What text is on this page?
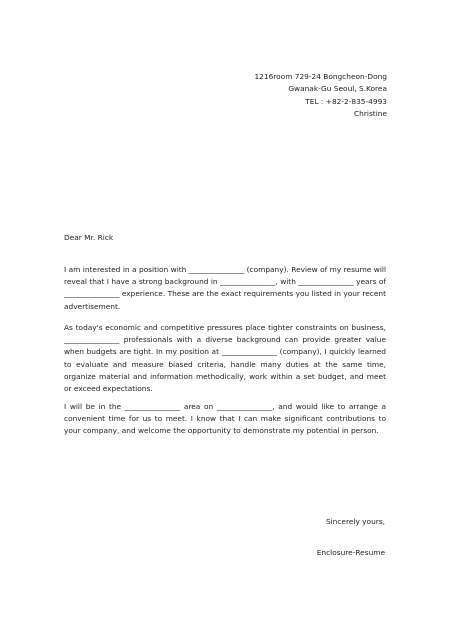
1216room 729-24 Bongcheon-Dong
Gwanak-Gu Seoul, S.Korea
TEL : +82-2-835-4993
Christine
Dear Mr. Rick
I am interested in a position with _______________ (company). Review of my resume will reveal that I have a strong background in _______________, with _______________ years of _______________ experience. These are the exact requirements you listed in your recent advertisement.
As today's economic and competitive pressures place tighter constraints on business, _______________ professionals with a diverse background can provide greater value when budgets are tight. In my position at _______________ (company), I quickly learned to evaluate and measure biased criteria, handle many duties at the same time, organize material and information methodically, work within a set budget, and meet or exceed expectations.
I will be in the _______________ area on _______________, and would like to arrange a convenient time for us to meet. I know that I can make significant contributions to your company, and welcome the opportunity to demonstrate my potential in person.
Sincerely yours,
Enclosure-Resume
